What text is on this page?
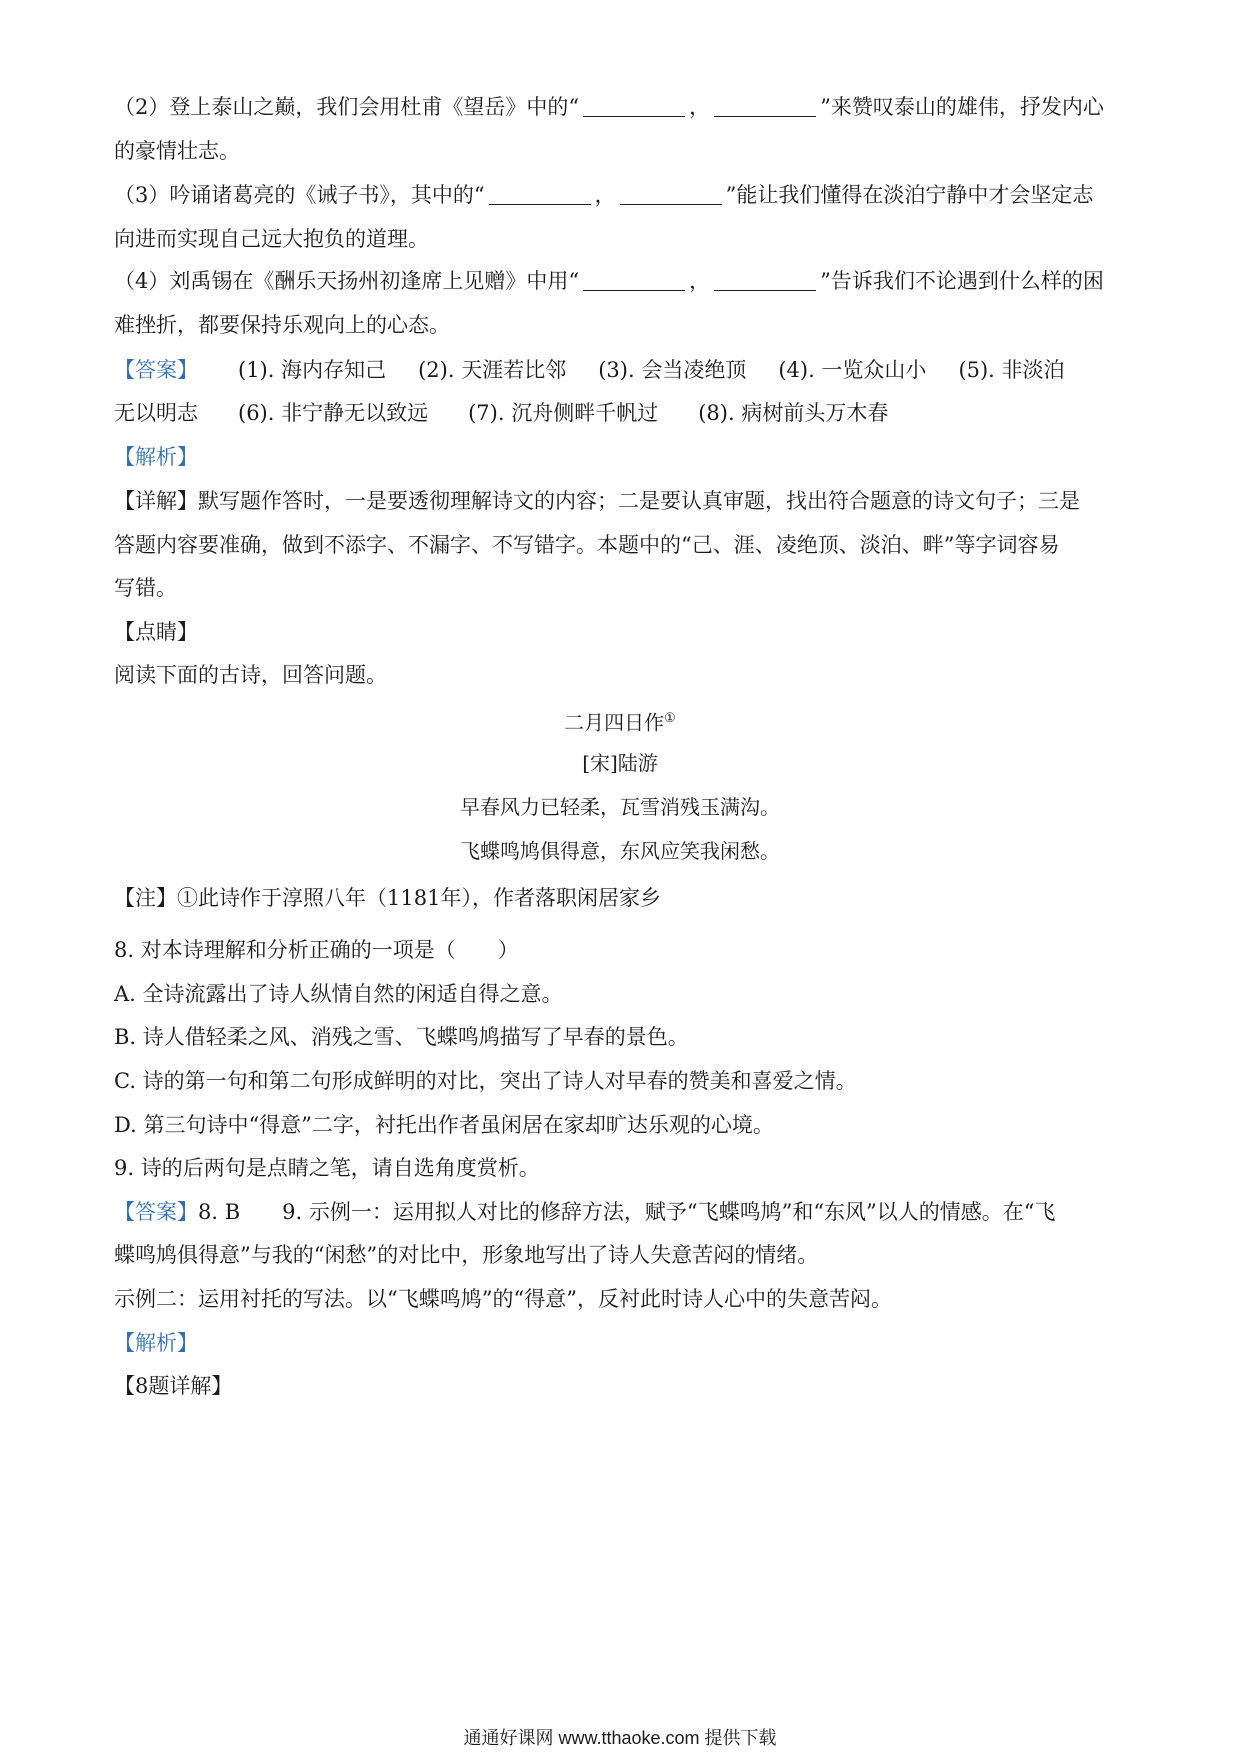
（2）登上泰山之巅，我们会用杜甫《望岳》中的“	，	”来赞叹泰山的雄伟，抒发内心
的豪情壮志。
（3）吟诵诸葛亮的《诫子书》，其中的“	，	”能让我们懂得在淡泊宁静中才会坚定志
向进而实现自己远大抱负的道理。
（4）刘禹锡在《酬乐天扬州初逢席上见赠》中用“	，	”告诉我们不论遇到什么样的困
难挫折，都要保持乐观向上的心态。
【答案】 (1). 海内存知己 (2). 天涯若比邻 (3). 会当凌绝顶 (4). 一览众山小 (5). 非淡泊
无以明志 (6). 非宁静无以致远 (7). 沉舟侧畔千帆过 (8). 病树前头万木春
【解析】
【详解】默写题作答时，一是要透彻理解诗文的内容；二是要认真审题，找出符合题意的诗文句子；三是
答题内容要准确，做到不添字、不漏字、不写错字。本题中的“己、涯、凌绝顶、淡泊、畔”等字词容易
写错。
【点睛】
阅读下面的古诗，回答问题。
二月四日作①
[宋]陆游
早春风力已轻柔，瓦雪消残玉满沟。
飞蝶鸣鸠俱得意，东风应笑我闲愁。
【注】①此诗作于淳照八年（1181年），作者落职闲居家乡
8. 对本诗理解和分析正确的一项是（　　）
A. 全诗流露出了诗人纵情自然的闲适自得之意。
B. 诗人借轻柔之风、消残之雪、飞蝶鸣鸠描写了早春的景色。
C. 诗的第一句和第二句形成鲜明的对比，突出了诗人对早春的赞美和喜爱之情。
D. 第三句诗中“得意”二字，衬托出作者虽闲居在家却旷达乐观的心境。
9. 诗的后两句是点睛之笔，请自选角度赏析。
【答案】8. B　　9. 示例一：运用拟人对比的修辞方法，赋予“飞蝶鸣鸠”和“东风”以人的情感。在“飞
蝶鸣鸠俱得意”与我的“闲愁”的对比中，形象地写出了诗人失意苦闷的情绪。
示例二：运用衬托的写法。以“飞蝶鸣鸠”的“得意”，反衬此时诗人心中的失意苦闷。
【解析】
【8题详解】
通通好课网 www.tthaoke.com 提供下载
